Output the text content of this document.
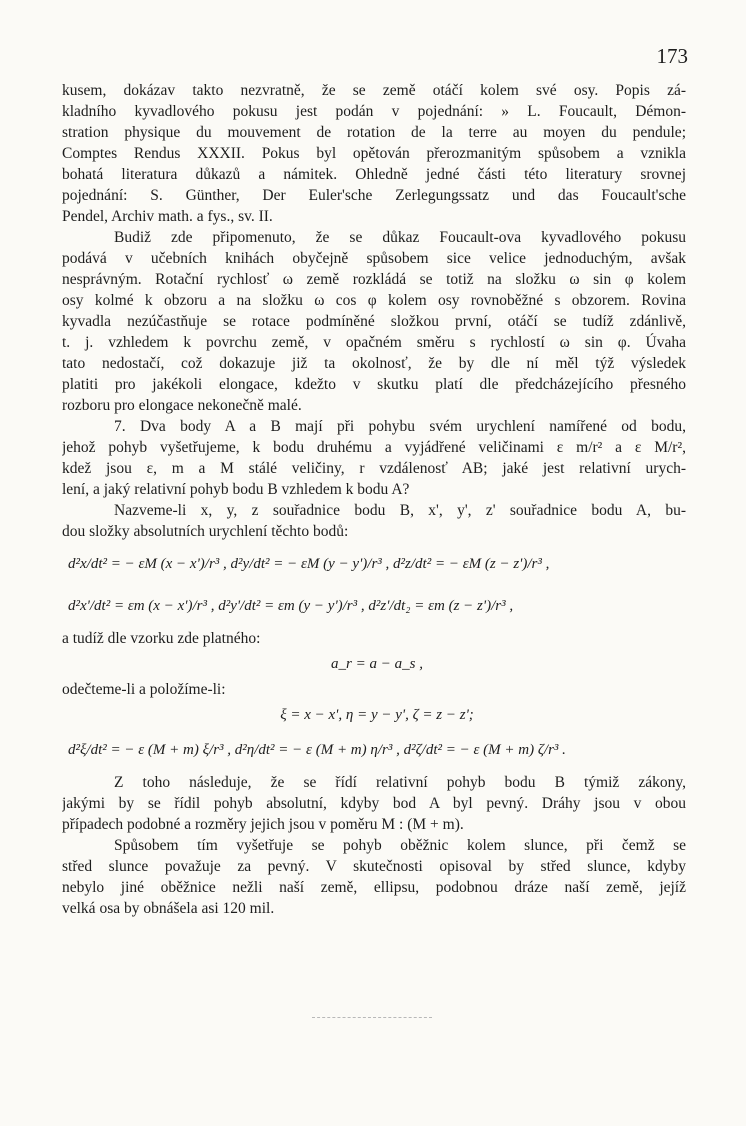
173
kusem, dokázav takto nezvratně, že se země otáčí kolem své osy. Popis zá-
kladního kyvadlového pokusu jest podán v pojednání: » L. Foucault, Démon-
stration physique du mouvement de rotation de la terre au moyen du pendule;
Comptes Rendus XXXII. Pokus byl opětován přerozmanitým spůsobem a vznikla
bohatá literatura důkazů a námitek. Ohledně jedné části této literatury srovnej
pojednání: S. Günther, Der Euler'sche Zerlegungssatz und das Foucault'sche
Pendel, Archiv math. a fys., sv. II.
Budiž zde připomenuto, že se důkaz Foucault-ova kyvadlového pokusu
podává v učebních knihách obyčejně spůsobem sice velice jednoduchým, avšak
nesprávným. Rotační rychlosť ω země rozkládá se totiž na složku ω sin φ kolem
osy kolmé k obzoru a na složku ω cos φ kolem osy rovnoběžné s obzorem. Rovina
kyvadla nezúčastňuje se rotace podmíněné složkou první, otáčí se tudíž zdánlivě,
t. j. vzhledem k povrchu země, v opačném směru s rychlostí ω sin φ. Úvaha
tato nedostačí, což dokazuje již ta okolnosť, že by dle ní měl týž výsledek
platiti pro jakékoli elongace, kdežto v skutku platí dle předcházejícího přesného
rozboru pro elongace nekonečně malé.
7. Dva body A a B mají při pohybu svém urychlení namířené od bodu,
jehož pohyb vyšetřujeme, k bodu druhému a vyjádřené veličinami ε m/r² a ε M/r²,
kdež jsou ε, m a M stálé veličiny, r vzdálenosť AB; jaké jest relativní urych-
lení, a jaký relativní pohyb bodu B vzhledem k bodu A?
Nazveme-li x, y, z souřadnice bodu B, x', y', z' souřadnice bodu A, bu-
dou složky absolutních urychlení těchto bodů:
d²x/dt² = − εM (x − x')/r³ , d²y/dt² = − εM (y − y')/r³ , d²z/dt² = − εM (z − z')/r³ ,
d²x'/dt² = εm (x − x')/r³ , d²y'/dt² = εm (y − y')/r³ , d²z'/dt₂ = εm (z − z')/r³ ,
a tudíž dle vzorku zde platného:
a_r = a − a_s ,
odečteme-li a položíme-li:
ξ = x − x', η = y − y', ζ = z − z';
d²ξ/dt² = − ε (M + m) ξ/r³ , d²η/dt² = − ε (M + m) η/r³ , d²ζ/dt² = − ε (M + m) ζ/r³ .
Z toho následuje, že se řídí relativní pohyb bodu B týmiž zákony,
jakými by se řídil pohyb absolutní, kdyby bod A byl pevný. Dráhy jsou v obou
případech podobné a rozměry jejich jsou v poměru M : (M + m).
Spůsobem tím vyšetřuje se pohyb oběžnic kolem slunce, při čemž se
střed slunce považuje za pevný. V skutečnosti opisoval by střed slunce, kdyby
nebylo jiné oběžnice nežli naší země, ellipsu, podobnou dráze naší země, jejíž
velká osa by obnášela asi 120 mil.
